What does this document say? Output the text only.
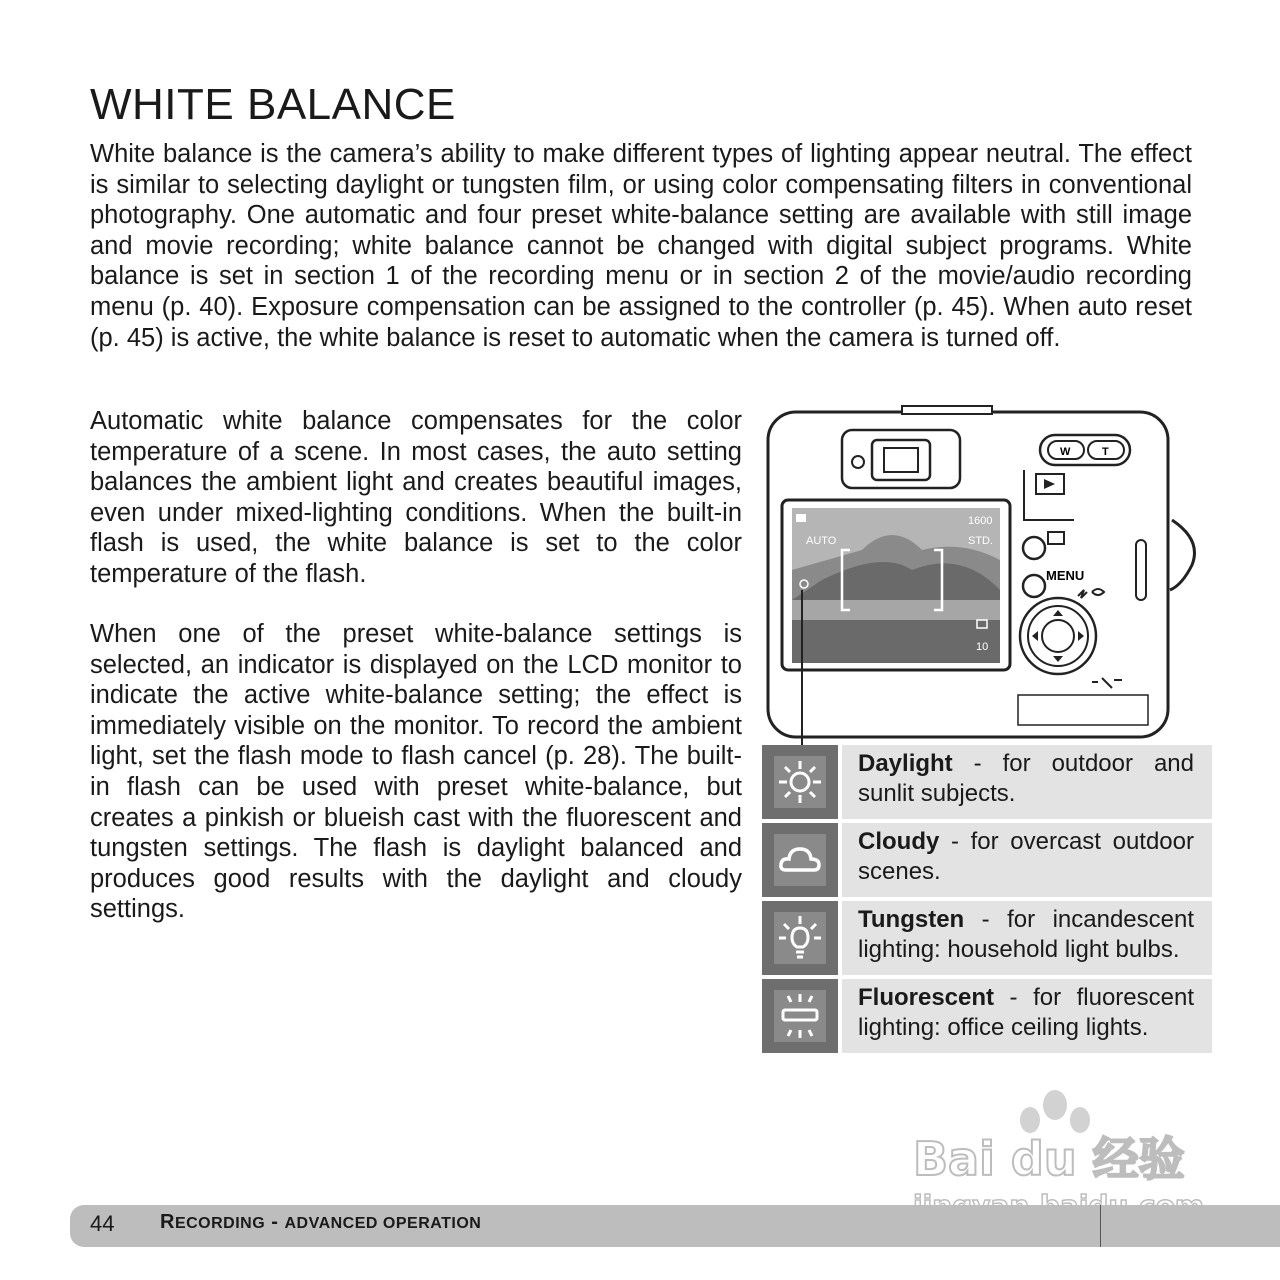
WHITE BALANCE

White balance is the camera’s ability to make different types of lighting appear neutral. The effect is similar to selecting daylight or tungsten film, or using color compensating filters in conventional photography. One automatic and four preset white-balance setting are available with still image and movie recording; white balance cannot be changed with digital subject programs. White balance is set in section 1 of the recording menu or in section 2 of the movie/audio recording menu (p. 40). Exposure compensation can be assigned to the controller (p. 45). When auto reset (p. 45) is active, the white balance is reset to automatic when the camera is turned off.

Automatic white balance compensates for the color temperature of a scene. In most cases, the auto setting balances the ambient light and creates beautiful images, even under mixed-lighting conditions. When the built-in flash is used, the white balance is set to the color temperature of the flash.

When one of the preset white-balance settings is selected, an indicator is displayed on the LCD monitor to indicate the active white-balance setting; the effect is immediately visible on the monitor. To record the ambient light, set the flash mode to flash cancel (p. 28). The built-in flash can be used with preset white-balance, but creates a pinkish or blueish cast with the fluorescent and tungsten settings. The flash is daylight balanced and produces good results with the daylight and cloudy settings.

W	T
AUTO
1600
STD.
10
MENU
Daylight - for outdoor and sunlit subjects.
Cloudy - for overcast outdoor scenes.
Tungsten - for incandescent lighting: household light bulbs.
Fluorescent - for fluorescent lighting: office ceiling lights.
Bai du 经验
44 RECORDING - ADVANCED OPERATION
